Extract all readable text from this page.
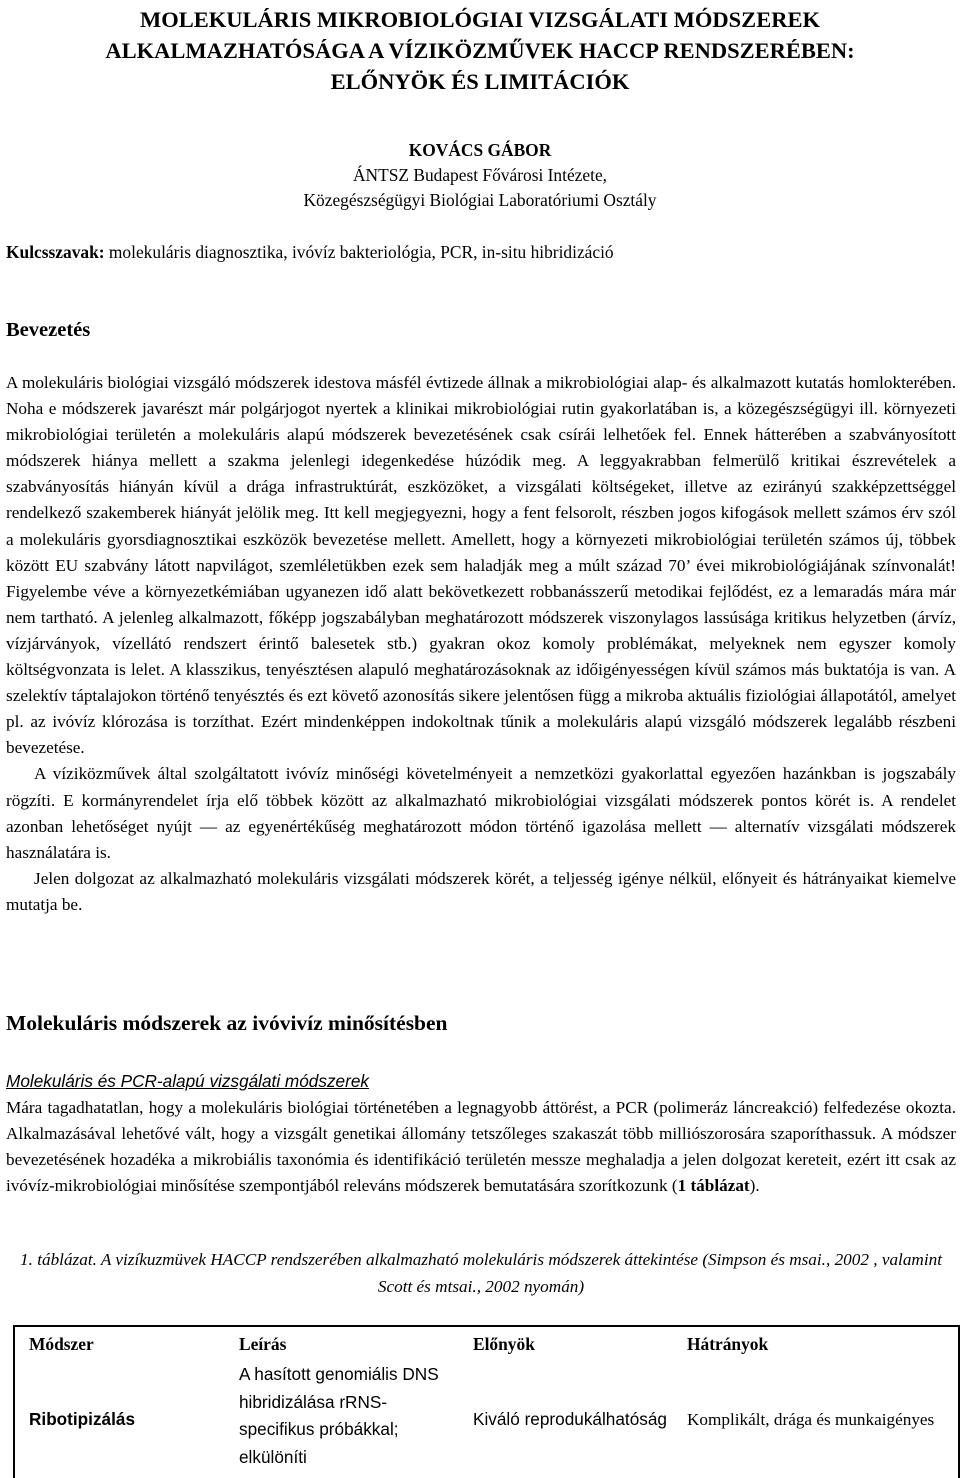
MOLEKULÁRIS MIKROBIOLÓGIAI VIZSGÁLATI MÓDSZEREK
ALKALMAZHATÓSÁGA A VÍZIKÖZMŰVEK HACCP RENDSZERÉBEN:
ELŐNYÖK ÉS LIMITÁCIÓK
KOVÁCS GÁBOR
ÁNTSZ Budapest Fővárosi Intézete,
Közegészségügyi Biológiai Laboratóriumi Osztály
Kulcsszavak: molekuláris diagnosztika, ivóvíz bakteriológia, PCR, in-situ hibridizáció
Bevezetés

A molekuláris biológiai vizsgáló módszerek idestova másfél évtizede állnak a mikrobiológiai alap- és alkalmazott kutatás homlokterében. Noha e módszerek javarészt már polgárjogot nyertek a klinikai mikrobiológiai rutin gyakorlatában is, a közegészségügyi ill. környezeti mikrobiológiai területén a molekuláris alapú módszerek bevezetésének csak csírái lelhetőek fel. Ennek hátterében a szabványosított módszerek hiánya mellett a szakma jelenlegi idegenkedése húzódik meg. A leggyakrabban felmerülő kritikai észrevételek a szabványosítás hiányán kívül a drága infrastruktúrát, eszközöket, a vizsgálati költségeket, illetve az ezirányú szakképzettséggel rendelkező szakemberek hiányát jelölik meg. Itt kell megjegyezni, hogy a fent felsorolt, részben jogos kifogások mellett számos érv szól a molekuláris gyorsdiagnosztikai eszközök bevezetése mellett. Amellett, hogy a környezeti mikrobiológiai területén számos új, többek között EU szabvány látott napvilágot, szemléletükben ezek sem haladják meg a múlt század 70’ évei mikrobiológiájának színvonalát! Figyelembe véve a környezetkémiában ugyanezen idő alatt bekövetkezett robbanásszerű metodikai fejlődést, ez a lemaradás mára már nem tartható. A jelenleg alkalmazott, főképp jogszabályban meghatározott módszerek viszonylagos lassúsága kritikus helyzetben (árvíz, vízjárványok, vízellátó rendszert érintő balesetek stb.) gyakran okoz komoly problémákat, melyeknek nem egyszer komoly költségvonzata is lelet. A klasszikus, tenyésztésen alapuló meghatározásoknak az időigényességen kívül számos más buktatója is van. A szelektív táptalajokon történő tenyésztés és ezt követő azonosítás sikere jelentősen függ a mikroba aktuális fiziológiai állapotától, amelyet pl. az ivóvíz klórozása is torzíthat. Ezért mindenképpen indokoltnak tűnik a molekuláris alapú vizsgáló módszerek legalább részbeni bevezetése.

A víziközművek által szolgáltatott ivóvíz minőségi követelményeit a nemzetközi gyakorlattal egyezően hazánkban is jogszabály rögzíti. E kormányrendelet írja elő többek között az alkalmazható mikrobiológiai vizsgálati módszerek pontos körét is. A rendelet azonban lehetőséget nyújt — az egyenértékűség meghatározott módon történő igazolása mellett — alternatív vizsgálati módszerek használatára is.

Jelen dolgozat az alkalmazható molekuláris vizsgálati módszerek körét, a teljesség igénye nélkül, előnyeit és hátrányaikat kiemelve mutatja be.

Molekuláris módszerek az ivóvivíz minősítésben
Molekuláris és PCR-alapú vizsgálati módszerek

Mára tagadhatatlan, hogy a molekuláris biológiai történetében a legnagyobb áttörést, a PCR (polimeráz láncreakció) felfedezése okozta. Alkalmazásával lehetővé vált, hogy a vizsgált genetikai állomány tetszőleges szakaszát több milliószorosára szaporíthassuk. A módszer bevezetésének hozadéka a mikrobiális taxonómia és identifikáció területén messze meghaladja a jelen dolgozat kereteit, ezért itt csak az ivóvíz-mikrobiológiai minősítése szempontjából releváns módszerek bemutatására szorítkozunk (1 táblázat).

1. táblázat. A vizíkuzmüvek HACCP rendszerében alkalmazható molekuláris módszerek áttekintése (Simpson és msai., 2002 , valamint Scott és mtsai., 2002 nyomán)
Módszer	Leírás	Előnyök	Hátrányok
Ribotipizálás	A hasított genomiális DNS hibridizálása rRNS-specifikus próbákkal; elkülöníti	Kiváló reprodukálhatóság	Komplikált, drága és munkaigényes
